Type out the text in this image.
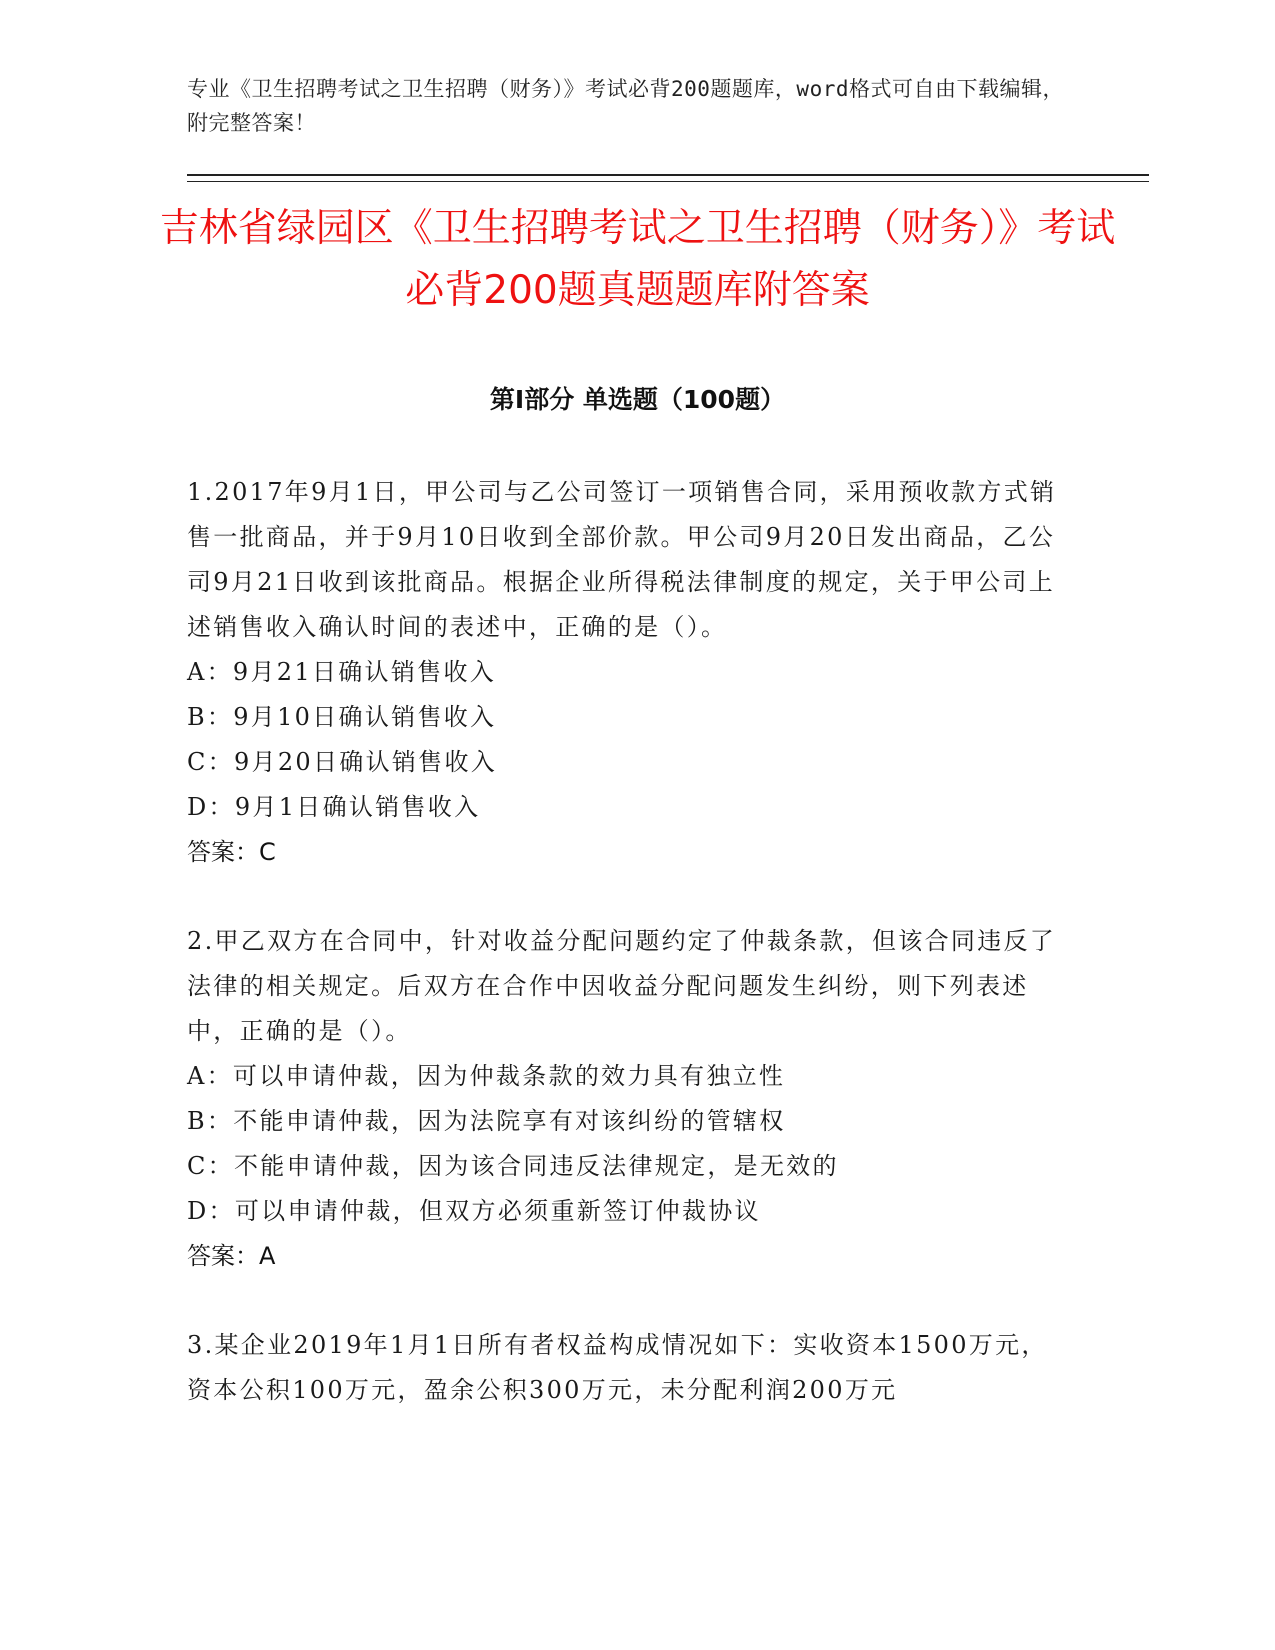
专业《卫生招聘考试之卫生招聘（财务）》考试必背200题题库，word格式可自由下载编辑，附完整答案！
吉林省绿园区《卫生招聘考试之卫生招聘（财务）》考试必背200题真题题库附答案
第I部分 单选题（100题）

1.2017年9月1日，甲公司与乙公司签订一项销售合同，采用预收款方式销售一批商品，并于9月10日收到全部价款。甲公司9月20日发出商品，乙公司9月21日收到该批商品。根据企业所得税法律制度的规定，关于甲公司上述销售收入确认时间的表述中，正确的是（）。

A：9月21日确认销售收入

B：9月10日确认销售收入

C：9月20日确认销售收入

D：9月1日确认销售收入

答案：C

2.甲乙双方在合同中，针对收益分配问题约定了仲裁条款，但该合同违反了法律的相关规定。后双方在合作中因收益分配问题发生纠纷，则下列表述中，正确的是（）。

A：可以申请仲裁，因为仲裁条款的效力具有独立性

B：不能申请仲裁，因为法院享有对该纠纷的管辖权

C：不能申请仲裁，因为该合同违反法律规定，是无效的

D：可以申请仲裁，但双方必须重新签订仲裁协议

答案：A

3.某企业2019年1月1日所有者权益构成情况如下：实收资本1500万元，资本公积100万元，盈余公积300万元，未分配利润200万元
